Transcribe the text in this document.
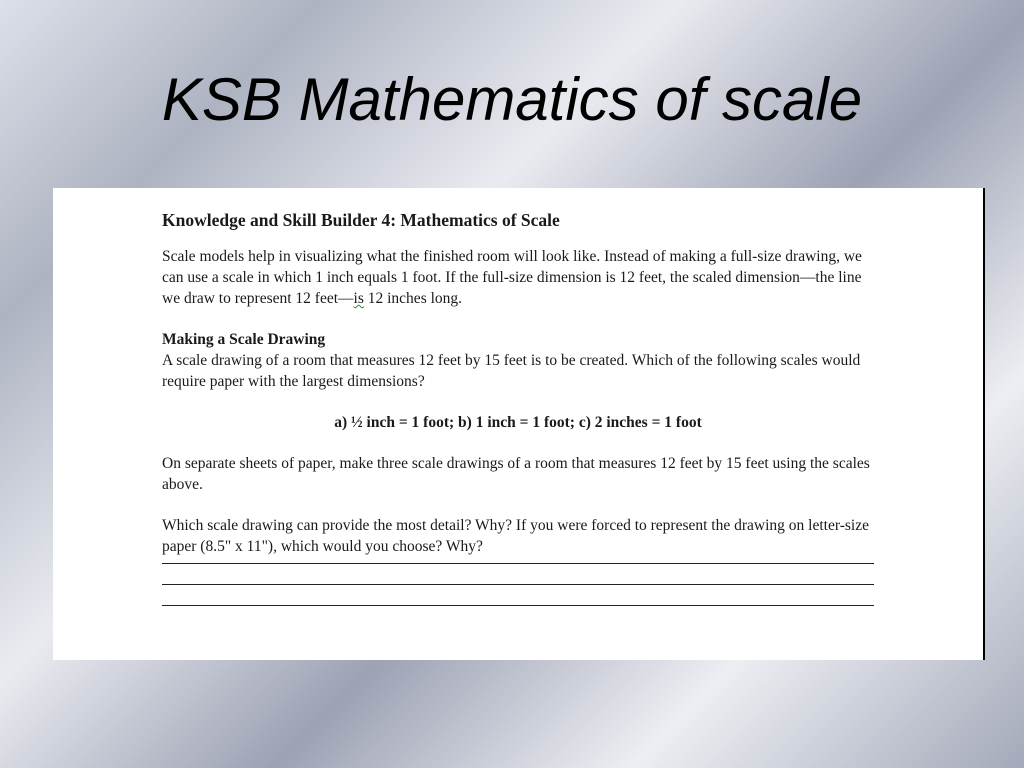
KSB Mathematics of scale

Knowledge and Skill Builder 4: Mathematics of Scale

Scale models help in visualizing what the finished room will look like. Instead of making a full-size drawing, we can use a scale in which 1 inch equals 1 foot. If the full-size dimension is 12 feet, the scaled dimension—the line we draw to represent 12 feet—is 12 inches long.

Making a Scale Drawing

A scale drawing of a room that measures 12 feet by 15 feet is to be created. Which of the following scales would require paper with the largest dimensions?

a) ½ inch = 1 foot; b) 1 inch = 1 foot; c) 2 inches = 1 foot

On separate sheets of paper, make three scale drawings of a room that measures 12 feet by 15 feet using the scales above.

Which scale drawing can provide the most detail? Why? If you were forced to represent the drawing on letter-size paper (8.5" x 11"), which would you choose? Why?
